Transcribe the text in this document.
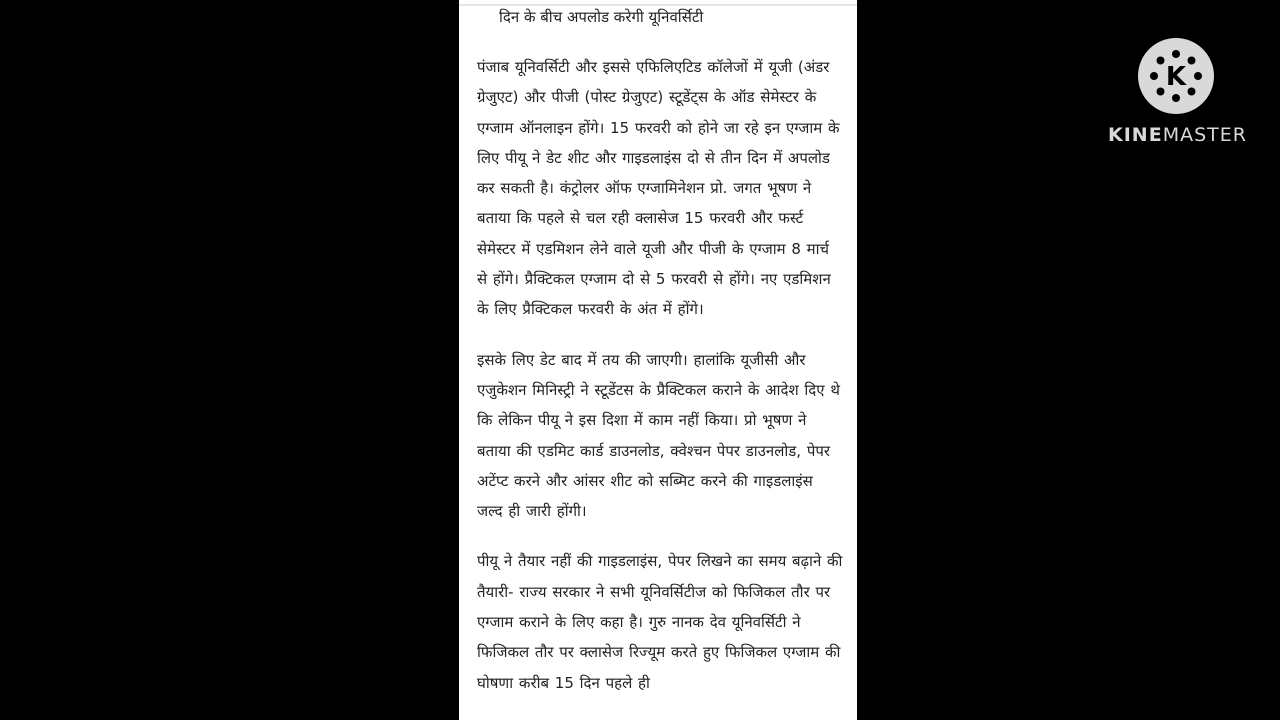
दिन के बीच अपलोड करेगी यूनिवर्सिटी

पंजाब यूनिवर्सिटी और इससे एफिलिएटिड कॉलेजों में यूजी (अंडर ग्रेजुएट) और पीजी (पोस्ट ग्रेजुएट) स्टूडेंट्स के ऑड सेमेस्टर के एग्जाम ऑनलाइन होंगे। 15 फरवरी को होने जा रहे इन एग्जाम के लिए पीयू ने डेट शीट और गाइडलाइंस दो से तीन दिन में अपलोड कर सकती है। कंट्रोलर ऑफ एग्जामिनेशन प्रो. जगत भूषण ने बताया कि पहले से चल रही क्लासेज 15 फरवरी और फर्स्ट सेमेस्टर में एडमिशन लेने वाले यूजी और पीजी के एग्जाम 8 मार्च से होंगे। प्रैक्टिकल एग्जाम दो से 5 फरवरी से होंगे। नए एडमिशन के लिए प्रैक्टिकल फरवरी के अंत में होंगे।

इसके लिए डेट बाद में तय की जाएगी। हालांकि यूजीसी और एजुकेशन मिनिस्ट्री ने स्टूडेंटस के प्रैक्टिकल कराने के आदेश दिए थे कि लेकिन पीयू ने इस दिशा में काम नहीं किया। प्रो भूषण ने बताया की एडमिट कार्ड डाउनलोड, क्वेश्चन पेपर डाउनलोड, पेपर अटेंप्ट करने और आंसर शीट को सब्मिट करने की गाइडलाइंस जल्द ही जारी होंगी।

पीयू ने तैयार नहीं की गाइडलाइंस, पेपर लिखने का समय बढ़ाने की तैयारी- राज्य सरकार ने सभी यूनिवर्सिटीज को फिजिकल तौर पर एग्जाम कराने के लिए कहा है। गुरु नानक देव यूनिवर्सिटी ने फिजिकल तौर पर क्लासेज रिज्यूम करते हुए फिजिकल एग्जाम की घोषणा करीब 15 दिन पहले ही

K
KINEMASTER
